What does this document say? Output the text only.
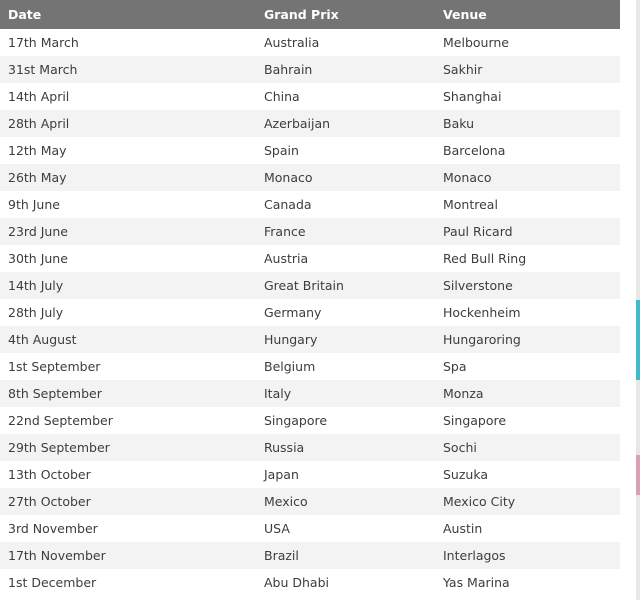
Date	Grand Prix	Venue
17th March	Australia	Melbourne
31st March	Bahrain	Sakhir
14th April	China	Shanghai
28th April	Azerbaijan	Baku
12th May	Spain	Barcelona
26th May	Monaco	Monaco
9th June	Canada	Montreal
23rd June	France	Paul Ricard
30th June	Austria	Red Bull Ring
14th July	Great Britain	Silverstone
28th July	Germany	Hockenheim
4th August	Hungary	Hungaroring
1st September	Belgium	Spa
8th September	Italy	Monza
22nd September	Singapore	Singapore
29th September	Russia	Sochi
13th October	Japan	Suzuka
27th October	Mexico	Mexico City
3rd November	USA	Austin
17th November	Brazil	Interlagos
1st December	Abu Dhabi	Yas Marina
